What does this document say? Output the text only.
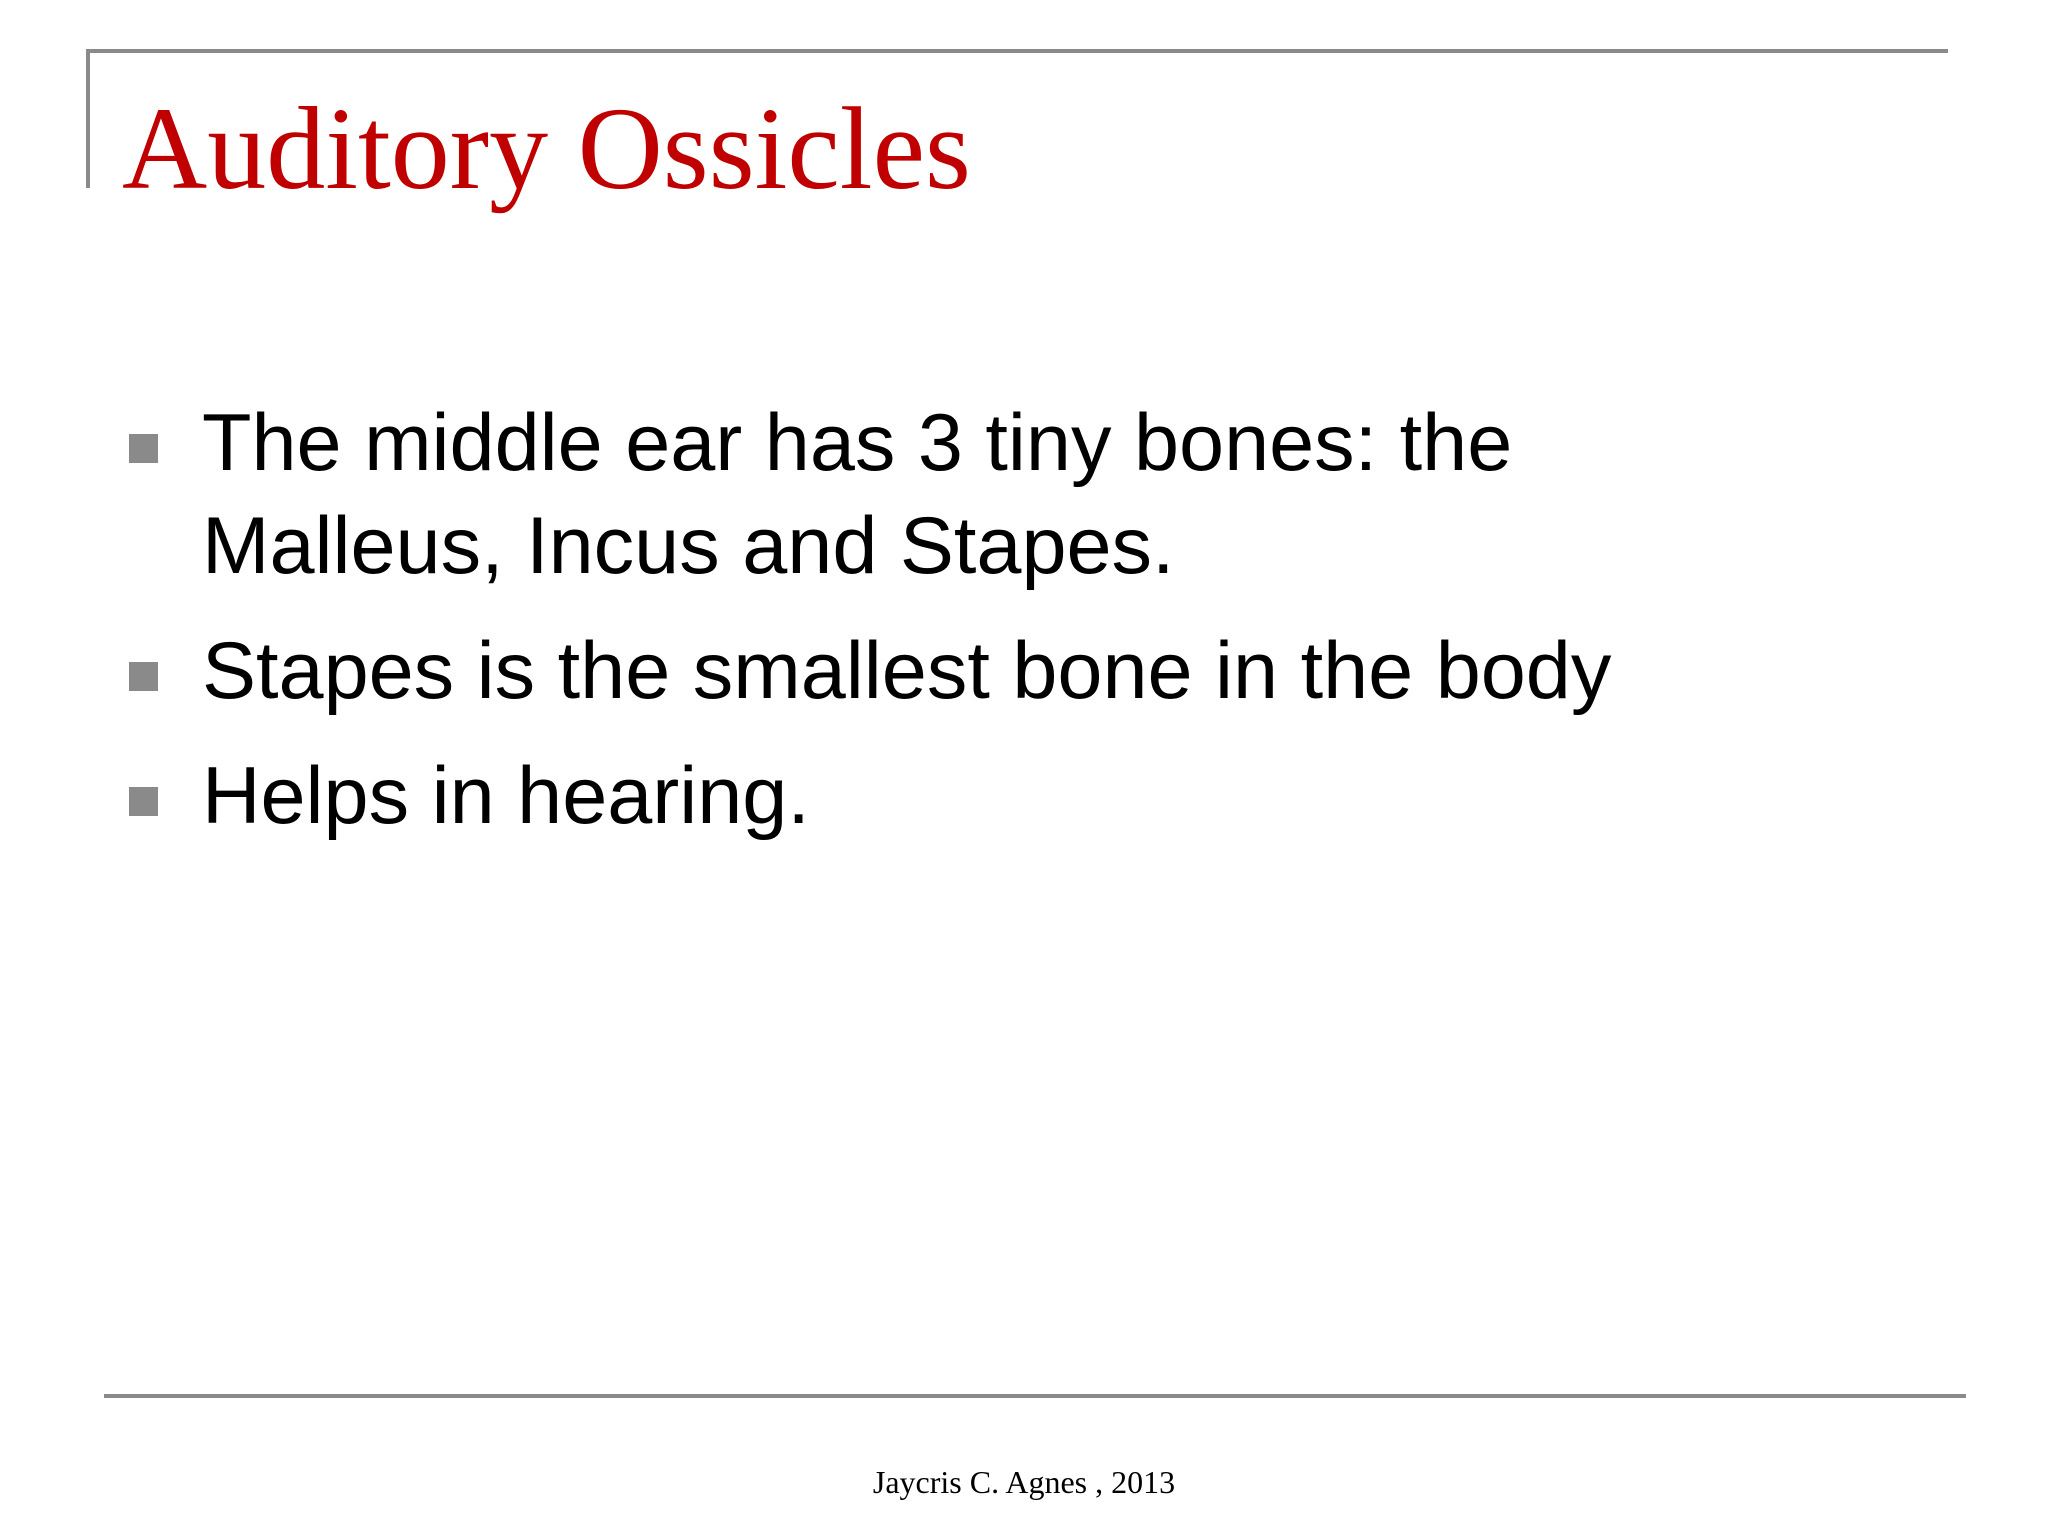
Auditory Ossicles
The middle ear has 3 tiny bones: the Malleus, Incus and Stapes.
Stapes is the smallest bone in the body
Helps in hearing.
Jaycris C. Agnes , 2013
